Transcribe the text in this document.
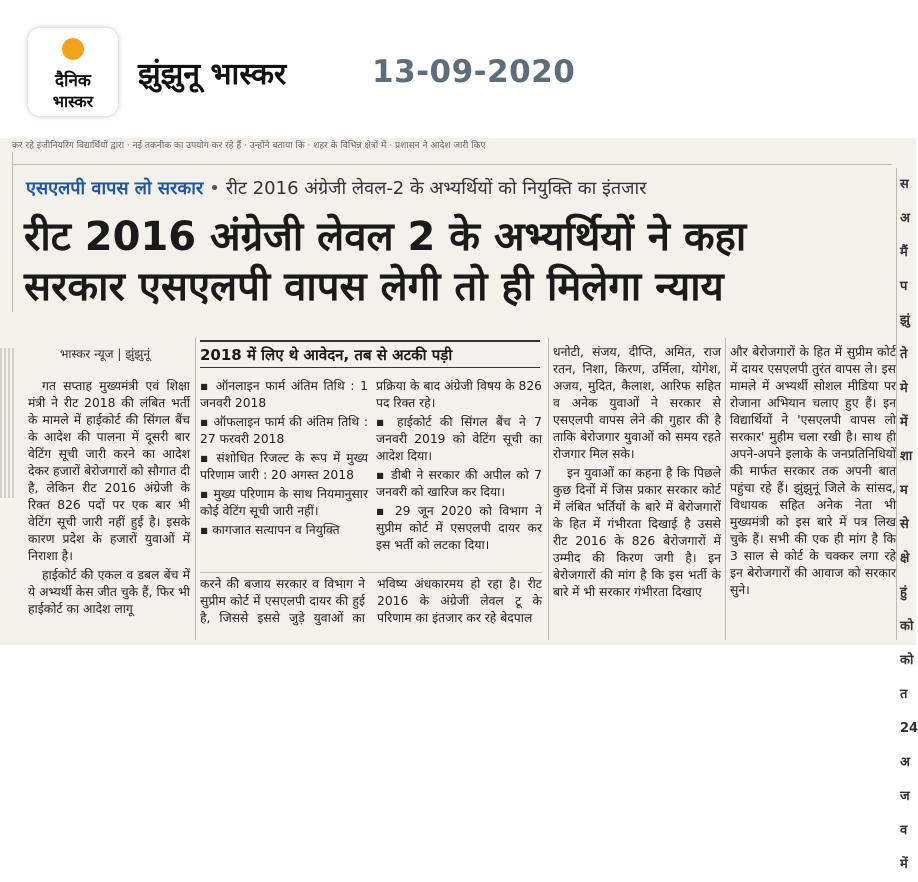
दैनिक
भास्कर
झुंझुनू भास्कर	13-09-2020
कर रहे इंजीनियरिंग विद्यार्थियों द्वारा · नई तकनीक का उपयोग कर रहे हैं · उन्होंने बताया कि · शहर के विभिन्न क्षेत्रों में · प्रशासन ने आदेश जारी किए
एसएलपी वापस लो सरकार • रीट 2016 अंग्रेजी लेवल-2 के अभ्यर्थियों को नियुक्ति का इंतजार
रीट 2016 अंग्रेजी लेवल 2 के अभ्यर्थियों ने कहा
सरकार एसएलपी वापस लेगी तो ही मिलेगा न्याय
भास्कर न्यूज | झुंझुनूं	2018 में लिए थे आवेदन, तब से अटकी पड़ी

गत सप्ताह मुख्यमंत्री एवं शिक्षा मंत्री ने रीट 2018 की लंबित भर्ती के मामले में हाईकोर्ट की सिंगल बैंच के आदेश की पालना में दूसरी बार वेटिंग सूची जारी करने का आदेश देकर हजारों बेरोजगारों को सौगात दी है, लेकिन रीट 2016 अंग्रेजी के रिक्त 826 पदों पर एक बार भी वेटिंग सूची जारी नहीं हुई है। इसके कारण प्रदेश के हजारों युवाओं में निराशा है।

हाईकोर्ट की एकल व डबल बेंच में ये अभ्यर्थी केस जीत चुके हैं, फिर भी हाईकोर्ट का आदेश लागू

▪ ऑनलाइन फार्म अंतिम तिथि : 1 जनवरी 2018

▪ ऑफलाइन फार्म की अंतिम तिथि : 27 फरवरी 2018

▪ संशोधित रिजल्ट के रूप में मुख्य परिणाम जारी : 20 अगस्त 2018

▪ मुख्य परिणाम के साथ नियमानुसार कोई वेटिंग सूची जारी नहीं।

▪ कागजात सत्यापन व नियुक्ति

प्रक्रिया के बाद अंग्रेजी विषय के 826 पद रिक्त रहे।

▪ हाईकोर्ट की सिंगल बैंच ने 7 जनवरी 2019 को वेटिंग सूची का आदेश दिया।

▪ डीबी ने सरकार की अपील को 7 जनवरी को खारिज कर दिया।

▪ 29 जून 2020 को विभाग ने सुप्रीम कोर्ट में एसएलपी दायर कर इस भर्ती को लटका दिया।

करने की बजाय सरकार व विभाग ने सुप्रीम कोर्ट में एसएलपी दायर की हुई है, जिससे इससे जुड़े युवाओं का भविष्य अंधकारमय हो रहा है। रीट 2016 के अंग्रेजी लेवल टू के परिणाम का इंतजार कर रहे बेदपाल

धनोटी, संजय, दीप्ति, अमित, राज रतन, निशा, किरण, उर्मिला, योगेश, अजय, मुदित, कैलाश, आरिफ सहित व अनेक युवाओं ने सरकार से एसएलपी वापस लेने की गुहार की है ताकि बेरोजगार युवाओं को समय रहते रोजगार मिल सके।

इन युवाओं का कहना है कि पिछले कुछ दिनों में जिस प्रकार सरकार कोर्ट में लंबित भर्तियों के बारे में बेरोजगारों के हित में गंभीरता दिखाई है उससे रीट 2016 के 826 बेरोजगारों में उम्मीद की किरण जगी है। इन बेरोजगारों की मांग है कि इस भर्ती के बारे में भी सरकार गंभीरता दिखाए

और बेरोजगारों के हित में सुप्रीम कोर्ट में दायर एसएलपी तुरंत वापस ले। इस मामले में अभ्यर्थी सोशल मीडिया पर रोजाना अभियान चलाए हुए हैं। इन विद्यार्थियों ने 'एसएलपी वापस लो सरकार' मुहीम चला रखी है। साथ ही अपने-अपने इलाके के जनप्रतिनिधियों की मार्फत सरकार तक अपनी बात पहुंचा रहे हैं। झुंझुनूं जिले के सांसद, विधायक सहित अनेक नेता भी मुख्यमंत्री को इस बारे में पत्र लिख चुके हैं। सभी की एक ही मांग है कि 3 साल से कोर्ट के चक्कर लगा रहे इन बेरोजगारों की आवाज को सरकार सुने।

स अ मैं प झुं ते मे में शा म से क्षे हुं को को त 24 अ ज व में
